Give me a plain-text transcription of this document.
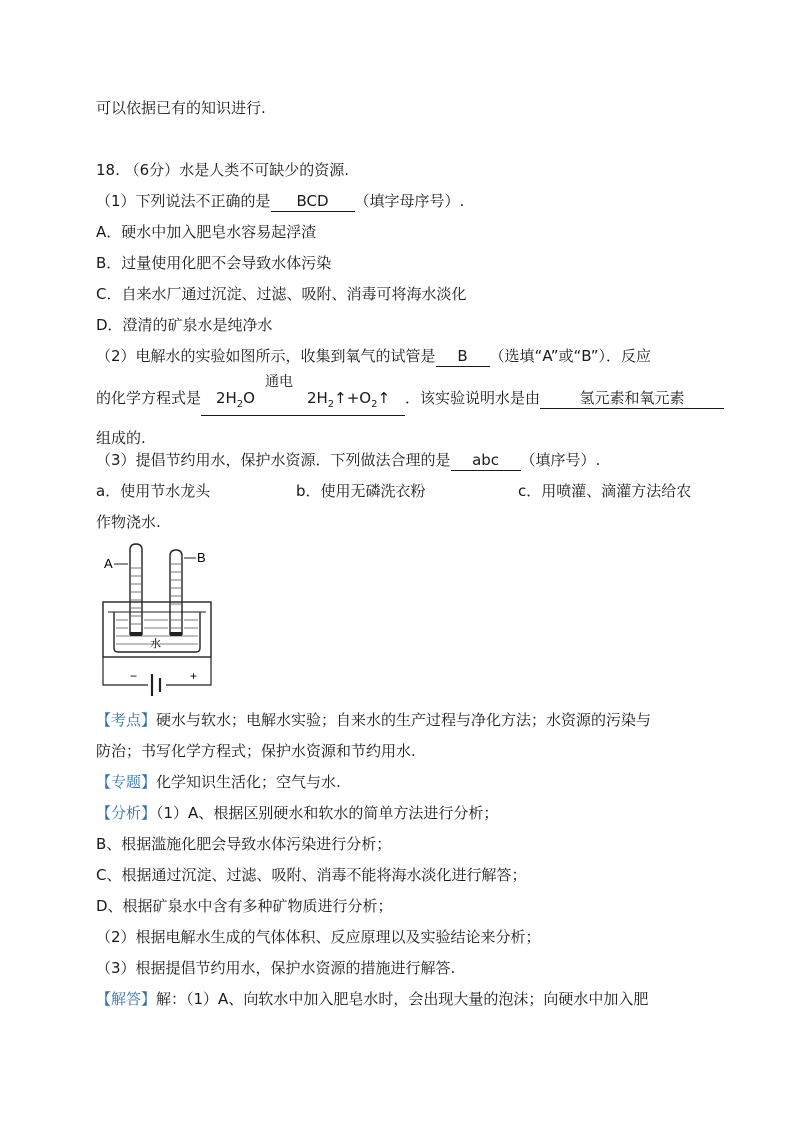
可以依据已有的知识进行.
18. （6分）水是人类不可缺少的资源.
（1）下列说法不正确的是 BCD （填字母序号）.
A．硬水中加入肥皂水容易起浮渣
B．过量使用化肥不会导致水体污染
C．自来水厂通过沉淀、过滤、吸附、消毒可将海水淡化
D．澄清的矿泉水是纯净水
（2）电解水的实验如图所示，收集到氧气的试管是 B （选填“A”或“B”）．反应
的化学方程式是
通电
$2H_2O$	$2H_2↑+O_2↑$ ．该实验说明水是由	氢元素和氧元素
组成的.
（3）提倡节约用水，保护水资源．下列做法合理的是 abc （填序号）.
a．使用节水龙头	b．使用无磷洗衣粉	c．用喷灌、滴灌方法给农
作物浇水.
A	B
水
−	+
【考点】硬水与软水；电解水实验；自来水的生产过程与净化方法；水资源的污染与
防治；书写化学方程式；保护水资源和节约用水.
【专题】化学知识生活化；空气与水.
【分析】（1）A、根据区别硬水和软水的简单方法进行分析；
B、根据滥施化肥会导致水体污染进行分析；
C、根据通过沉淀、过滤、吸附、消毒不能将海水淡化进行解答；
D、根据矿泉水中含有多种矿物质进行分析；
（2）根据电解水生成的气体体积、反应原理以及实验结论来分析；
（3）根据提倡节约用水，保护水资源的措施进行解答.
【解答】解：（1）A、向软水中加入肥皂水时，会出现大量的泡沫；向硬水中加入肥
